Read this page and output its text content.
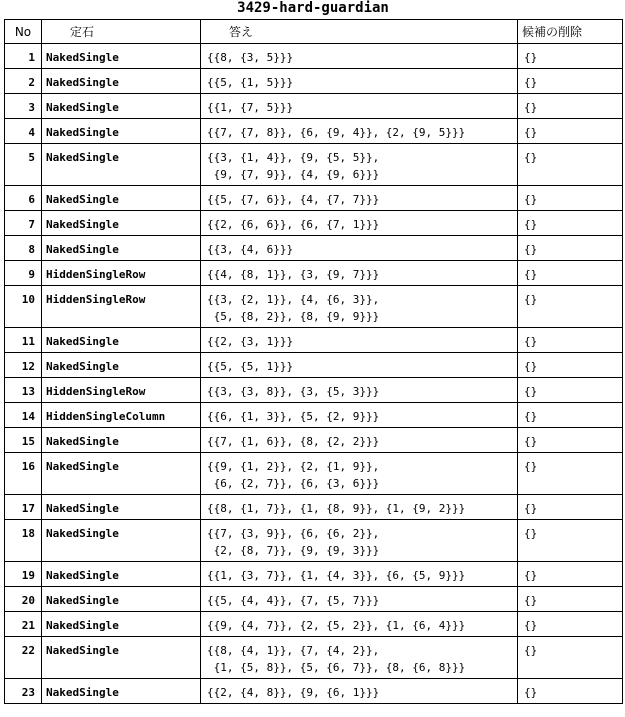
3429-hard-guardian
No	定石	答え	候補の削除
1	NakedSingle	{{8, {3, 5}}}	{}
2	NakedSingle	{{5, {1, 5}}}	{}
3	NakedSingle	{{1, {7, 5}}}	{}
4	NakedSingle	{{7, {7, 8}}, {6, {9, 4}}, {2, {9, 5}}}	{}
5	NakedSingle	{{3, {1, 4}}, {9, {5, 5}},
{9, {7, 9}}, {4, {9, 6}}}	{}
6	NakedSingle	{{5, {7, 6}}, {4, {7, 7}}}	{}
7	NakedSingle	{{2, {6, 6}}, {6, {7, 1}}}	{}
8	NakedSingle	{{3, {4, 6}}}	{}
9	HiddenSingleRow	{{4, {8, 1}}, {3, {9, 7}}}	{}
10	HiddenSingleRow	{{3, {2, 1}}, {4, {6, 3}},
{5, {8, 2}}, {8, {9, 9}}}	{}
11	NakedSingle	{{2, {3, 1}}}	{}
12	NakedSingle	{{5, {5, 1}}}	{}
13	HiddenSingleRow	{{3, {3, 8}}, {3, {5, 3}}}	{}
14	HiddenSingleColumn	{{6, {1, 3}}, {5, {2, 9}}}	{}
15	NakedSingle	{{7, {1, 6}}, {8, {2, 2}}}	{}
16	NakedSingle	{{9, {1, 2}}, {2, {1, 9}},
{6, {2, 7}}, {6, {3, 6}}}	{}
17	NakedSingle	{{8, {1, 7}}, {1, {8, 9}}, {1, {9, 2}}}	{}
18	NakedSingle	{{7, {3, 9}}, {6, {6, 2}},
{2, {8, 7}}, {9, {9, 3}}}	{}
19	NakedSingle	{{1, {3, 7}}, {1, {4, 3}}, {6, {5, 9}}}	{}
20	NakedSingle	{{5, {4, 4}}, {7, {5, 7}}}	{}
21	NakedSingle	{{9, {4, 7}}, {2, {5, 2}}, {1, {6, 4}}}	{}
22	NakedSingle	{{8, {4, 1}}, {7, {4, 2}},
{1, {5, 8}}, {5, {6, 7}}, {8, {6, 8}}}	{}
23	NakedSingle	{{2, {4, 8}}, {9, {6, 1}}}	{}
